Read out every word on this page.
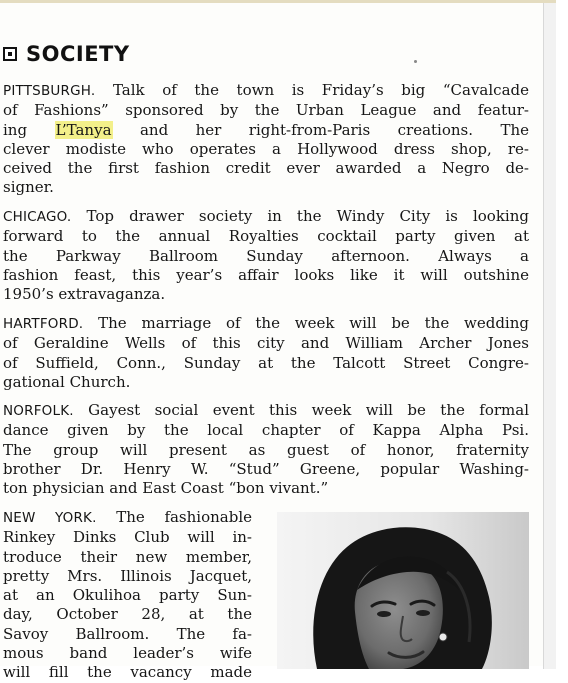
SOCIETY
PITTSBURGH. Talk of the town is Friday’s big “Cavalcade
of Fashions” sponsored by the Urban League and featur-
ing L’Tanya and her right-from-Paris creations. The
clever modiste who operates a Hollywood dress shop, re-
ceived the first fashion credit ever awarded a Negro de-
signer.
CHICAGO. Top drawer society in the Windy City is looking
forward to the annual Royalties cocktail party given at
the Parkway Ballroom Sunday afternoon. Always a
fashion feast, this year’s affair looks like it will outshine
1950’s extravaganza.
HARTFORD. The marriage of the week will be the wedding
of Geraldine Wells of this city and William Archer Jones
of Suffield, Conn., Sunday at the Talcott Street Congre-
gational Church.
NORFOLK. Gayest social event this week will be the formal
dance given by the local chapter of Kappa Alpha Psi.
The group will present as guest of honor, fraternity
brother Dr. Henry W. “Stud” Greene, popular Washing-
ton physician and East Coast “bon vivant.”
NEW YORK. The fashionable
Rinkey Dinks Club will in-
troduce their new member,
pretty Mrs. Illinois Jacquet,
at an Okulihoa party Sun-
day, October 28, at the
Savoy Ballroom. The fa-
mous band leader’s wife
will fill the vacancy made
